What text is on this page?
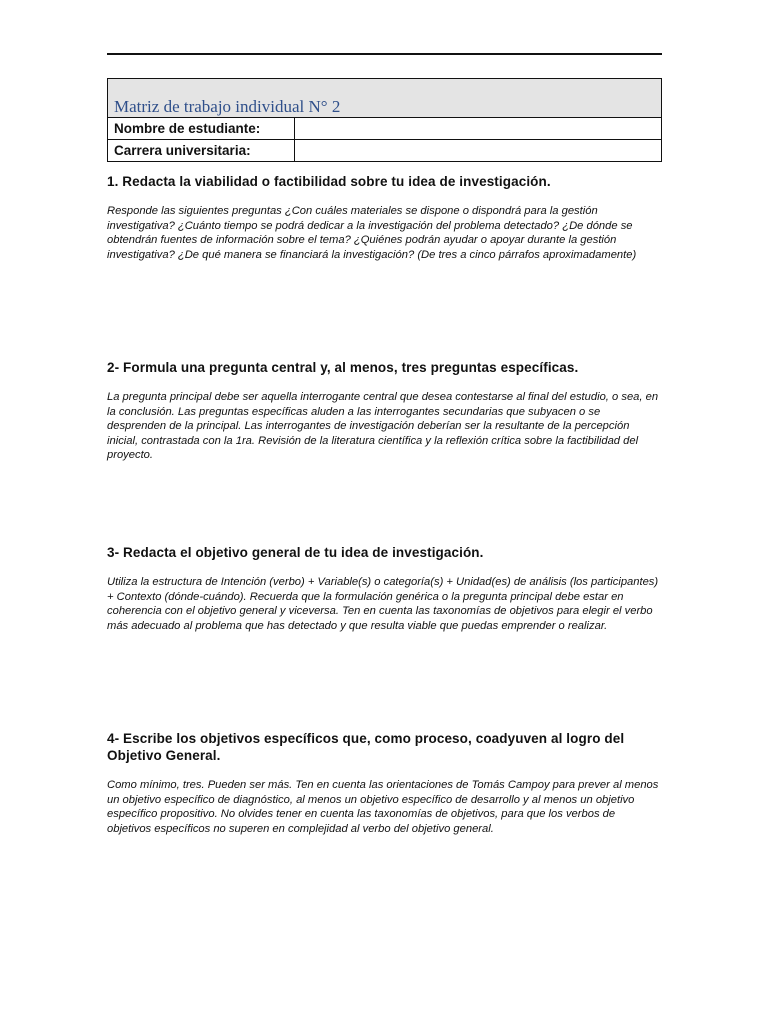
Matriz de trabajo individual N° 2	
Nombre de estudiante:	
Carrera universitaria:	
1. Redacta la viabilidad o factibilidad sobre tu idea de investigación.

Responde las siguientes preguntas ¿Con cuáles materiales se dispone o dispondrá para la gestión investigativa? ¿Cuánto tiempo se podrá dedicar a la investigación del problema detectado? ¿De dónde se obtendrán fuentes de información sobre el tema? ¿Quiénes podrán ayudar o apoyar durante la gestión investigativa? ¿De qué manera se financiará la investigación? (De tres a cinco párrafos aproximadamente)

2- Formula una pregunta central y, al menos, tres preguntas específicas.

La pregunta principal debe ser aquella interrogante central que desea contestarse al final del estudio, o sea, en la conclusión. Las preguntas específicas aluden a las interrogantes secundarias que subyacen o se desprenden de la principal. Las interrogantes de investigación deberían ser la resultante de la percepción inicial, contrastada con la 1ra. Revisión de la literatura científica y la reflexión crítica sobre la factibilidad del proyecto.

3- Redacta el objetivo general de tu idea de investigación.

Utiliza la estructura de Intención (verbo) + Variable(s) o categoría(s) + Unidad(es) de análisis (los participantes) + Contexto (dónde-cuándo). Recuerda que la formulación genérica o la pregunta principal debe estar en coherencia con el objetivo general y viceversa. Ten en cuenta las taxonomías de objetivos para elegir el verbo más adecuado al problema que has detectado y que resulta viable que puedas emprender o realizar.

4- Escribe los objetivos específicos que, como proceso, coadyuven al logro del Objetivo General.

Como mínimo, tres. Pueden ser más. Ten en cuenta las orientaciones de Tomás Campoy para prever al menos un objetivo específico de diagnóstico, al menos un objetivo específico de desarrollo y al menos un objetivo específico propositivo. No olvides tener en cuenta las taxonomías de objetivos, para que los verbos de objetivos específicos no superen en complejidad al verbo del objetivo general.
